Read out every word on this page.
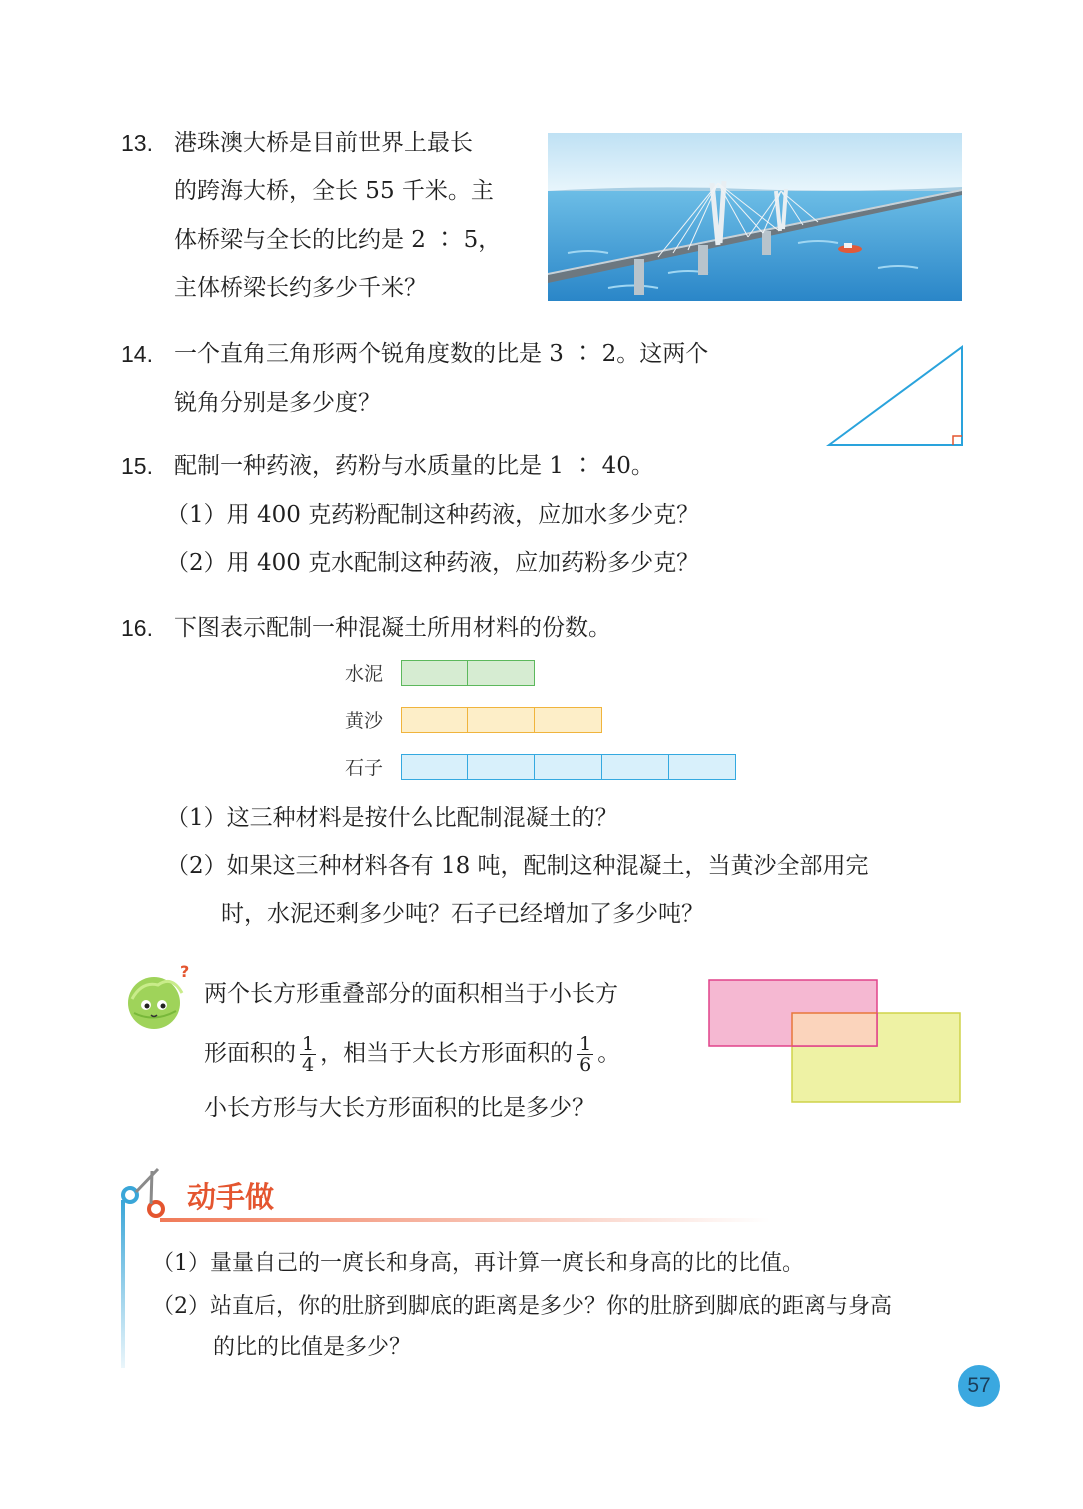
13. 港珠澳大桥是目前世界上最长
的跨海大桥，全长 55 千米。主
体桥梁与全长的比约是 2 ∶ 5，
主体桥梁长约多少千米？
14. 一个直角三角形两个锐角度数的比是 3 ∶ 2。这两个
锐角分别是多少度？
15. 配制一种药液，药粉与水质量的比是 1 ∶ 40。
（1）用 400 克药粉配制这种药液，应加水多少克？
（2）用 400 克水配制这种药液，应加药粉多少克？
16. 下图表示配制一种混凝土所用材料的份数。
水泥
黄沙
石子
（1）这三种材料是按什么比配制混凝土的？
（2）如果这三种材料各有 18 吨，配制这种混凝土，当黄沙全部用完
时，水泥还剩多少吨？石子已经增加了多少吨？
?
两个长方形重叠部分的面积相当于小长方
形面积的 $\frac{1}{4}$ ，相当于大长方形面积的 $\frac{1}{6}$ 。
小长方形与大长方形面积的比是多少？
动手做
（1）量量自己的一庹长和身高，再计算一庹长和身高的比的比值。
（2）站直后，你的肚脐到脚底的距离是多少？你的肚脐到脚底的距离与身高
的比的比值是多少？
57
